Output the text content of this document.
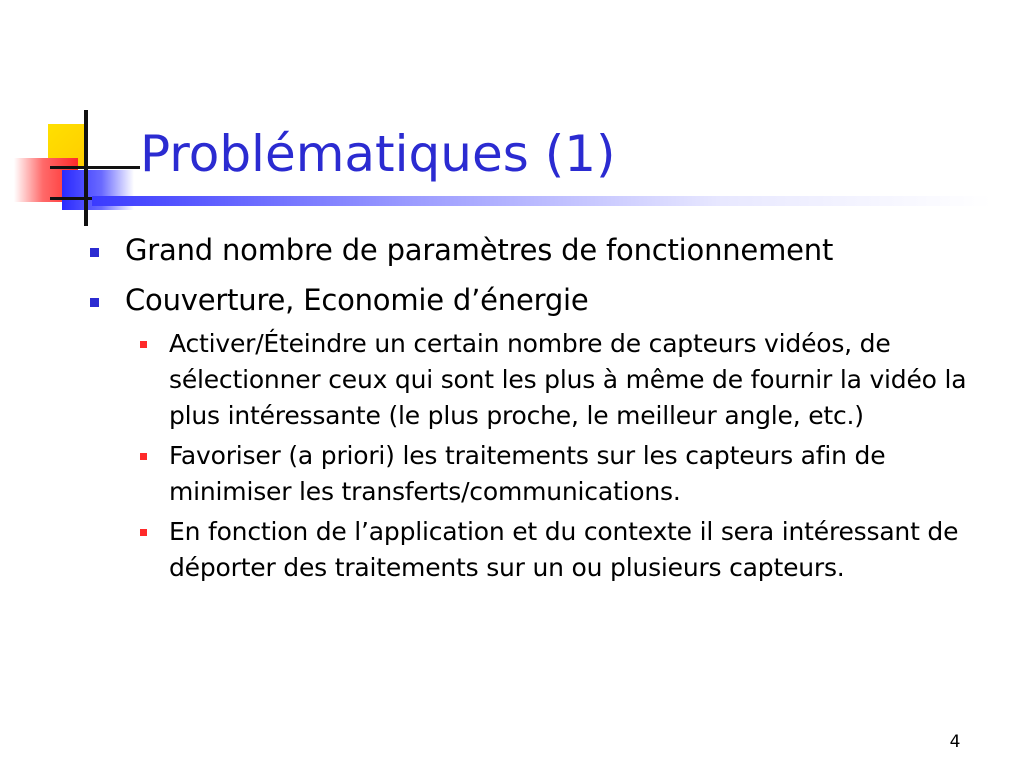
Problématiques (1)
Grand nombre de paramètres de fonctionnement
Couverture, Economie d’énergie
Activer/Éteindre un certain nombre de capteurs vidéos, de sélectionner ceux qui sont les plus à même de fournir la vidéo la plus intéressante (le plus proche, le meilleur angle, etc.)
Favoriser (a priori) les traitements sur les capteurs afin de minimiser les transferts/communications.
En fonction de l’application et du contexte il sera intéressant de déporter des traitements sur un ou plusieurs capteurs.
4
